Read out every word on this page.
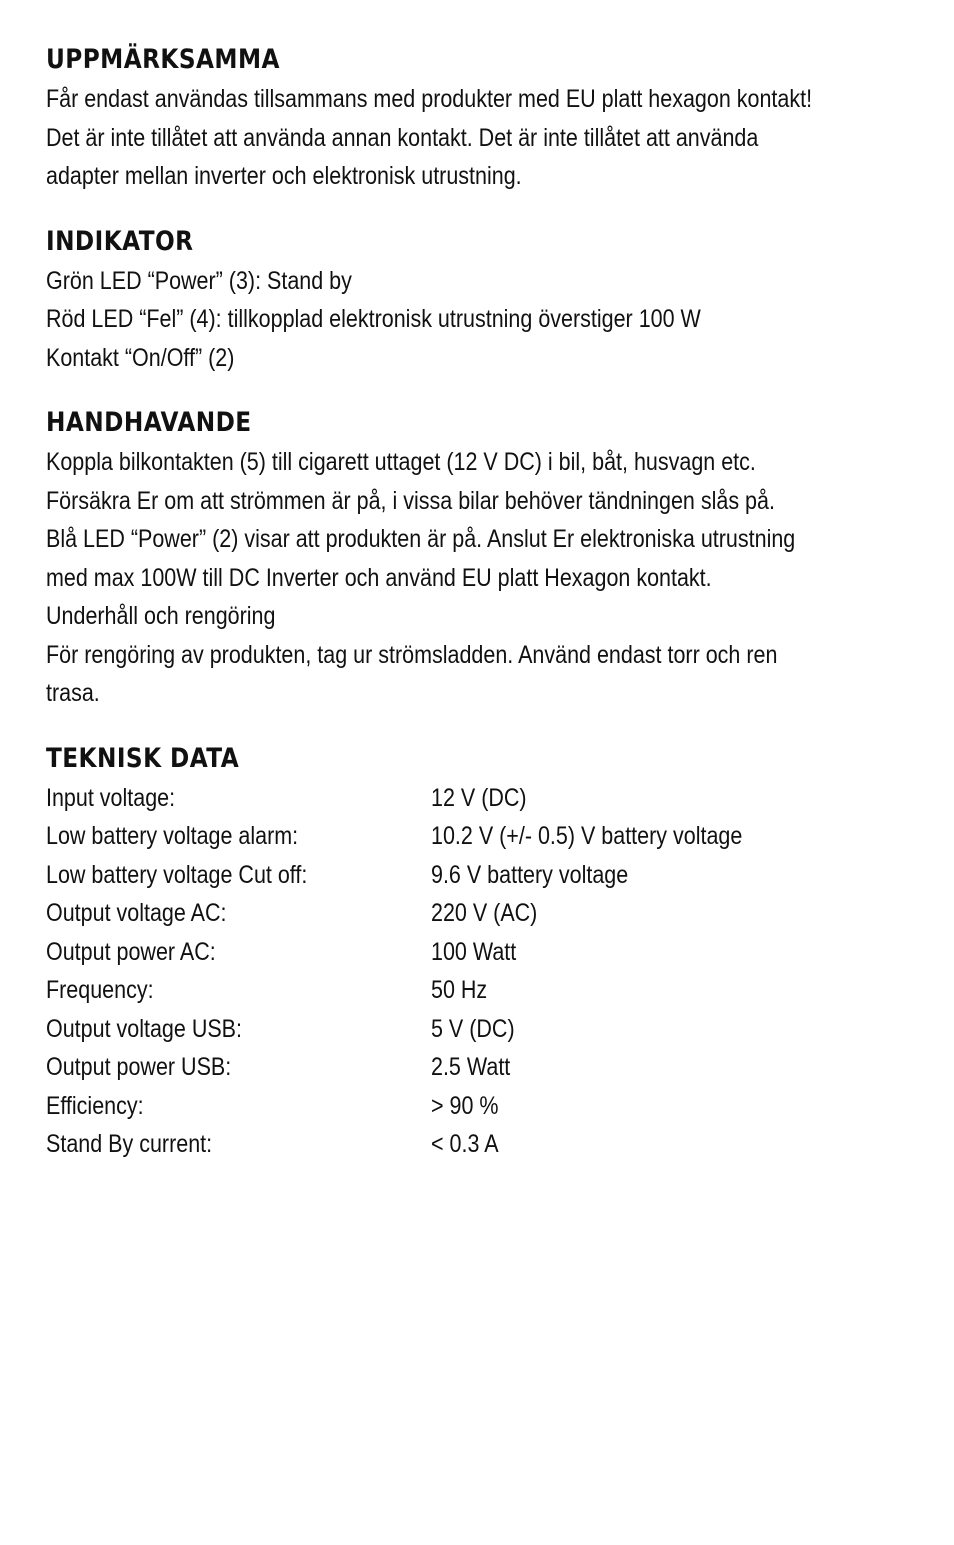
UPPMÄRKSAMMA
Får endast användas tillsammans med produkter med EU platt hexagon kontakt!
Det är inte tillåtet att använda annan kontakt. Det är inte tillåtet att använda
adapter mellan inverter och elektronisk utrustning.
INDIKATOR
Grön LED “Power” (3): Stand by
Röd LED “Fel” (4): tillkopplad elektronisk utrustning överstiger 100 W
Kontakt “On/Off” (2)
HANDHAVANDE
Koppla bilkontakten (5) till cigarett uttaget (12 V DC) i bil, båt, husvagn etc.
Försäkra Er om att strömmen är på, i vissa bilar behöver tändningen slås på.
Blå LED “Power” (2) visar att produkten är på. Anslut Er elektroniska utrustning
med max 100W till DC Inverter och använd EU platt Hexagon kontakt.
Underhåll och rengöring
För rengöring av produkten, tag ur strömsladden. Använd endast torr och ren
trasa.
TEKNISK DATA
Input voltage:	12 V (DC)
Low battery voltage alarm:	10.2 V (+/- 0.5) V battery voltage
Low battery voltage Cut off:	9.6 V battery voltage
Output voltage AC:	220 V (AC)
Output power AC:	100 Watt
Frequency:	50 Hz
Output voltage USB:	5 V (DC)
Output power USB:	2.5 Watt
Efficiency:	> 90 %
Stand By current:	< 0.3 A
